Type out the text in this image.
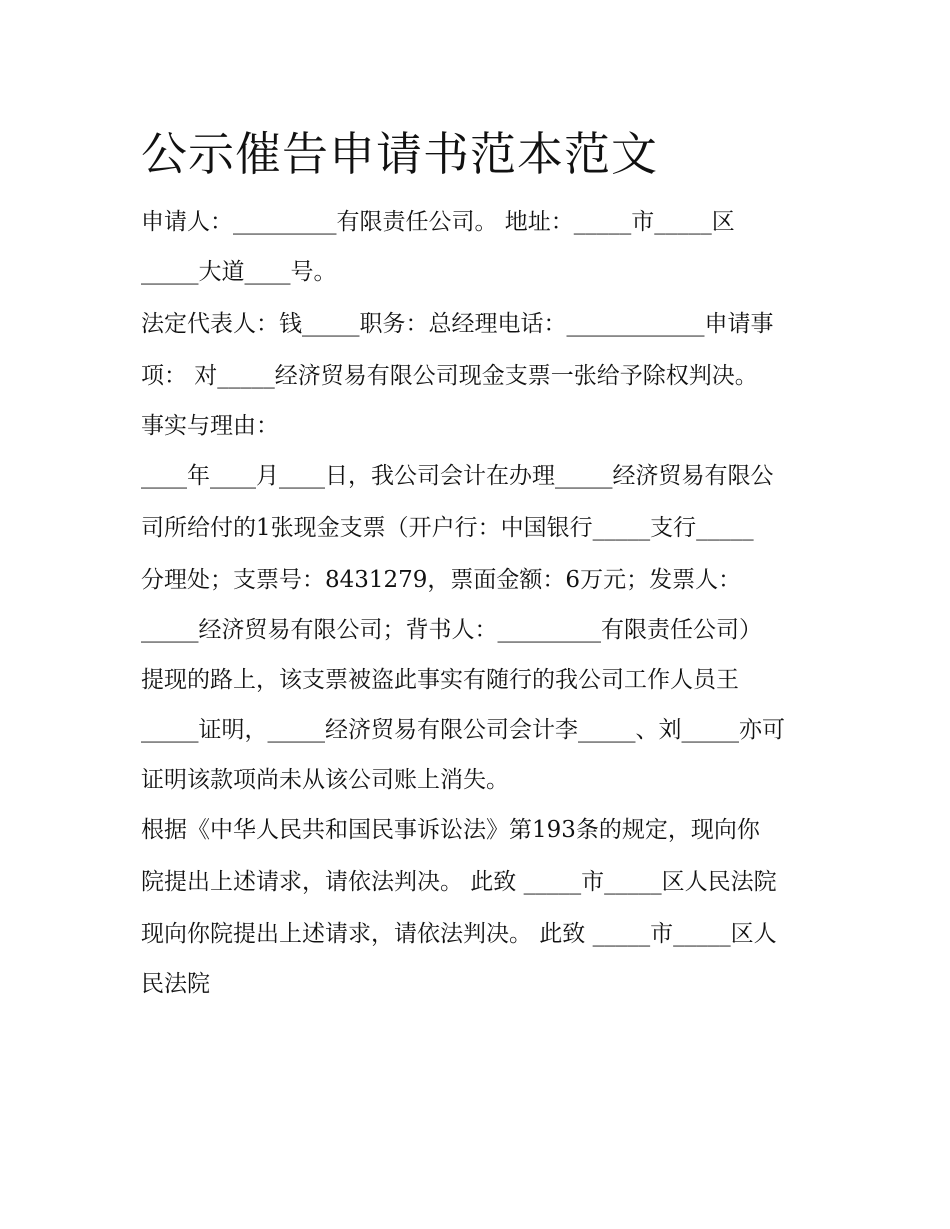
公示催告申请书范本范文
申请人：_________有限责任公司。 地址：_____市_____区
_____大道____号。
法定代表人：钱_____职务：总经理电话：____________申请事
项： 对_____经济贸易有限公司现金支票一张给予除权判决。
事实与理由：
____年____月____日，我公司会计在办理_____经济贸易有限公
司所给付的1张现金支票（开户行：中国银行_____支行_____
分理处；支票号：8431279，票面金额：6万元；发票人：
_____经济贸易有限公司；背书人：_________有限责任公司）
提现的路上，该支票被盗此事实有随行的我公司工作人员王
_____证明，_____经济贸易有限公司会计李_____、刘_____亦可
证明该款项尚未从该公司账上消失。
根据《中华人民共和国民事诉讼法》第193条的规定，现向你
院提出上述请求，请依法判决。 此致 _____市_____区人民法院
现向你院提出上述请求，请依法判决。 此致 _____市_____区人
民法院
